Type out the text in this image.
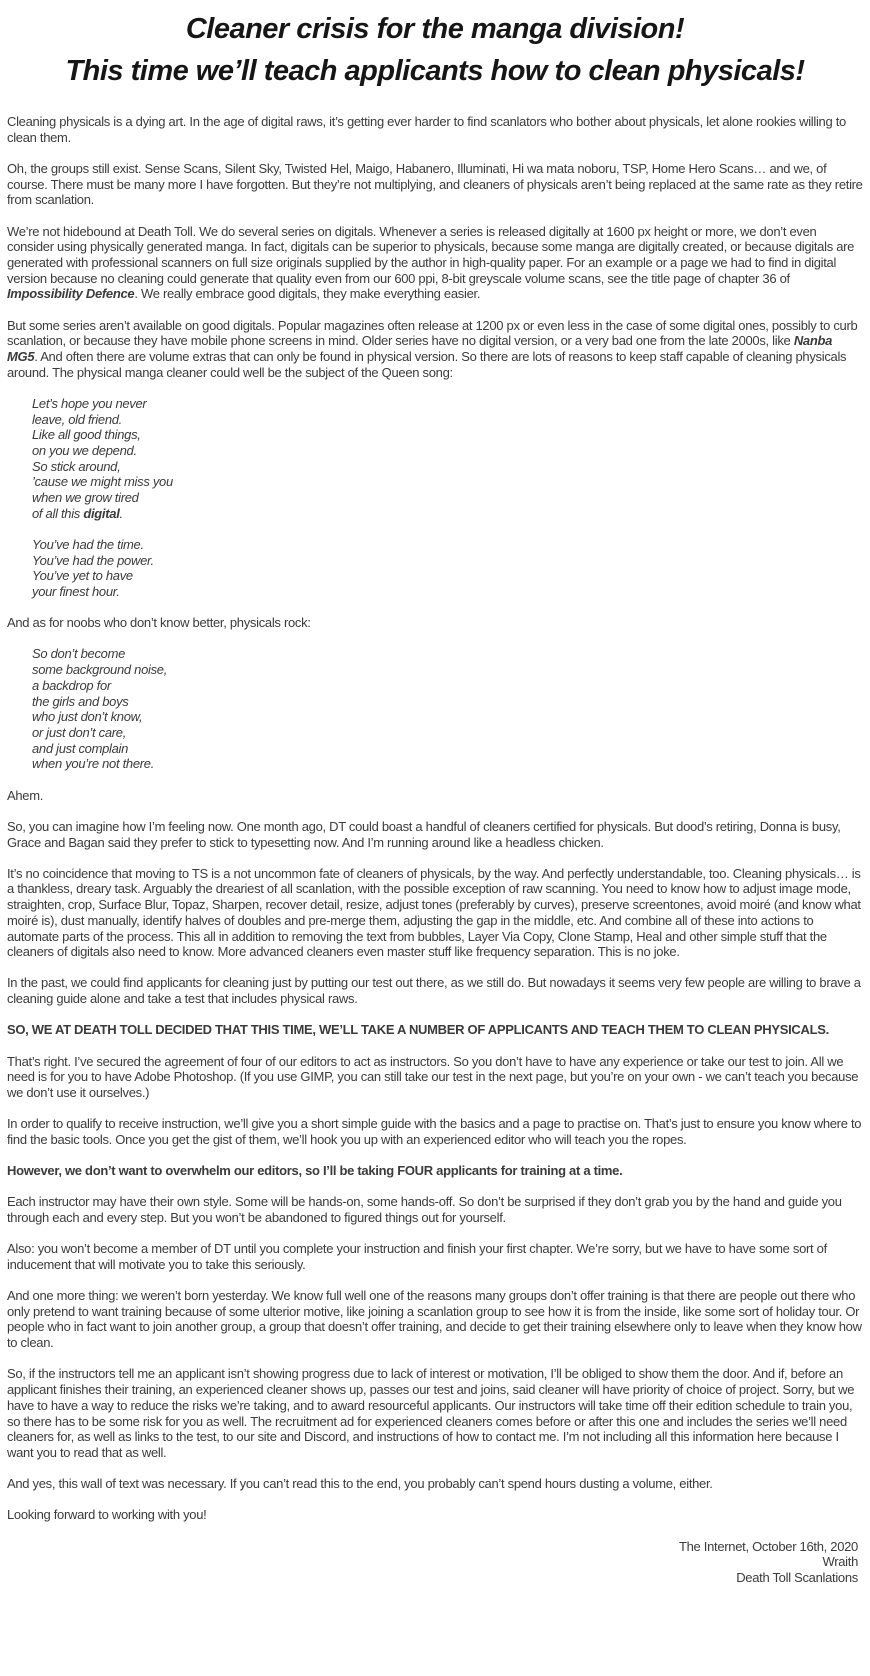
Cleaner crisis for the manga division!
This time we’ll teach applicants how to clean physicals!

Cleaning physicals is a dying art. In the age of digital raws, it’s getting ever harder to find scanlators who bother about physicals, let alone rookies willing to clean them.

Oh, the groups still exist. Sense Scans, Silent Sky, Twisted Hel, Maigo, Habanero, Illuminati, Hi wa mata noboru, TSP, Home Hero Scans… and we, of course. There must be many more I have forgotten. But they’re not multiplying, and cleaners of physicals aren’t being replaced at the same rate as they retire from scanlation.

We’re not hidebound at Death Toll. We do several series on digitals. Whenever a series is released digitally at 1600 px height or more, we don’t even consider using physically generated manga. In fact, digitals can be superior to physicals, because some manga are digitally created, or because digitals are generated with professional scanners on full size originals supplied by the author in high-quality paper. For an example or a page we had to find in digital version because no cleaning could generate that quality even from our 600 ppi, 8-bit greyscale volume scans, see the title page of chapter 36 of Impossibility Defence. We really embrace good digitals, they make everything easier.

But some series aren’t available on good digitals. Popular magazines often release at 1200 px or even less in the case of some digital ones, possibly to curb scanlation, or because they have mobile phone screens in mind. Older series have no digital version, or a very bad one from the late 2000s, like Nanba MG5. And often there are volume extras that can only be found in physical version. So there are lots of reasons to keep staff capable of cleaning physicals around. The physical manga cleaner could well be the subject of the Queen song:

Let’s hope you never
leave, old friend.
Like all good things,
on you we depend.
So stick around,
’cause we might miss you
when we grow tired
of all this digital.
You’ve had the time.
You’ve had the power.
You’ve yet to have
your finest hour.

And as for noobs who don’t know better, physicals rock:

So don’t become
some background noise,
a backdrop for
the girls and boys
who just don’t know,
or just don’t care,
and just complain
when you’re not there.

Ahem.

So, you can imagine how I’m feeling now. One month ago, DT could boast a handful of cleaners certified for physicals. But dood’s retiring, Donna is busy, Grace and Bagan said they prefer to stick to typesetting now. And I’m running around like a headless chicken.

It’s no coincidence that moving to TS is a not uncommon fate of cleaners of physicals, by the way. And perfectly understandable, too. Cleaning physicals… is a thankless, dreary task. Arguably the dreariest of all scanlation, with the possible exception of raw scanning. You need to know how to adjust image mode, straighten, crop, Surface Blur, Topaz, Sharpen, recover detail, resize, adjust tones (preferably by curves), preserve screentones, avoid moiré (and know what moiré is), dust manually, identify halves of doubles and pre-merge them, adjusting the gap in the middle, etc. And combine all of these into actions to automate parts of the process. This all in addition to removing the text from bubbles, Layer Via Copy, Clone Stamp, Heal and other simple stuff that the cleaners of digitals also need to know. More advanced cleaners even master stuff like frequency separation. This is no joke.

In the past, we could find applicants for cleaning just by putting our test out there, as we still do. But nowadays it seems very few people are willing to brave a cleaning guide alone and take a test that includes physical raws.

SO, WE AT DEATH TOLL DECIDED THAT THIS TIME, WE’LL TAKE A NUMBER OF APPLICANTS AND TEACH THEM TO CLEAN PHYSICALS.

That’s right. I’ve secured the agreement of four of our editors to act as instructors. So you don’t have to have any experience or take our test to join. All we need is for you to have Adobe Photoshop. (If you use GIMP, you can still take our test in the next page, but you’re on your own - we can’t teach you because we don’t use it ourselves.)

In order to qualify to receive instruction, we’ll give you a short simple guide with the basics and a page to practise on. That’s just to ensure you know where to find the basic tools. Once you get the gist of them, we’ll hook you up with an experienced editor who will teach you the ropes.

However, we don’t want to overwhelm our editors, so I’ll be taking FOUR applicants for training at a time.

Each instructor may have their own style. Some will be hands-on, some hands-off. So don’t be surprised if they don’t grab you by the hand and guide you through each and every step. But you won’t be abandoned to figured things out for yourself.

Also: you won’t become a member of DT until you complete your instruction and finish your first chapter. We’re sorry, but we have to have some sort of inducement that will motivate you to take this seriously.

And one more thing: we weren’t born yesterday. We know full well one of the reasons many groups don’t offer training is that there are people out there who only pretend to want training because of some ulterior motive, like joining a scanlation group to see how it is from the inside, like some sort of holiday tour. Or people who in fact want to join another group, a group that doesn’t offer training, and decide to get their training elsewhere only to leave when they know how to clean.

So, if the instructors tell me an applicant isn’t showing progress due to lack of interest or motivation, I’ll be obliged to show them the door. And if, before an applicant finishes their training, an experienced cleaner shows up, passes our test and joins, said cleaner will have priority of choice of project. Sorry, but we have to have a way to reduce the risks we’re taking, and to award resourceful applicants. Our instructors will take time off their edition schedule to train you, so there has to be some risk for you as well. The recruitment ad for experienced cleaners comes before or after this one and includes the series we’ll need cleaners for, as well as links to the test, to our site and Discord, and instructions of how to contact me. I’m not including all this information here because I want you to read that as well.

And yes, this wall of text was necessary. If you can’t read this to the end, you probably can’t spend hours dusting a volume, either.

Looking forward to working with you!

The Internet, October 16th, 2020
Wraith
Death Toll Scanlations
